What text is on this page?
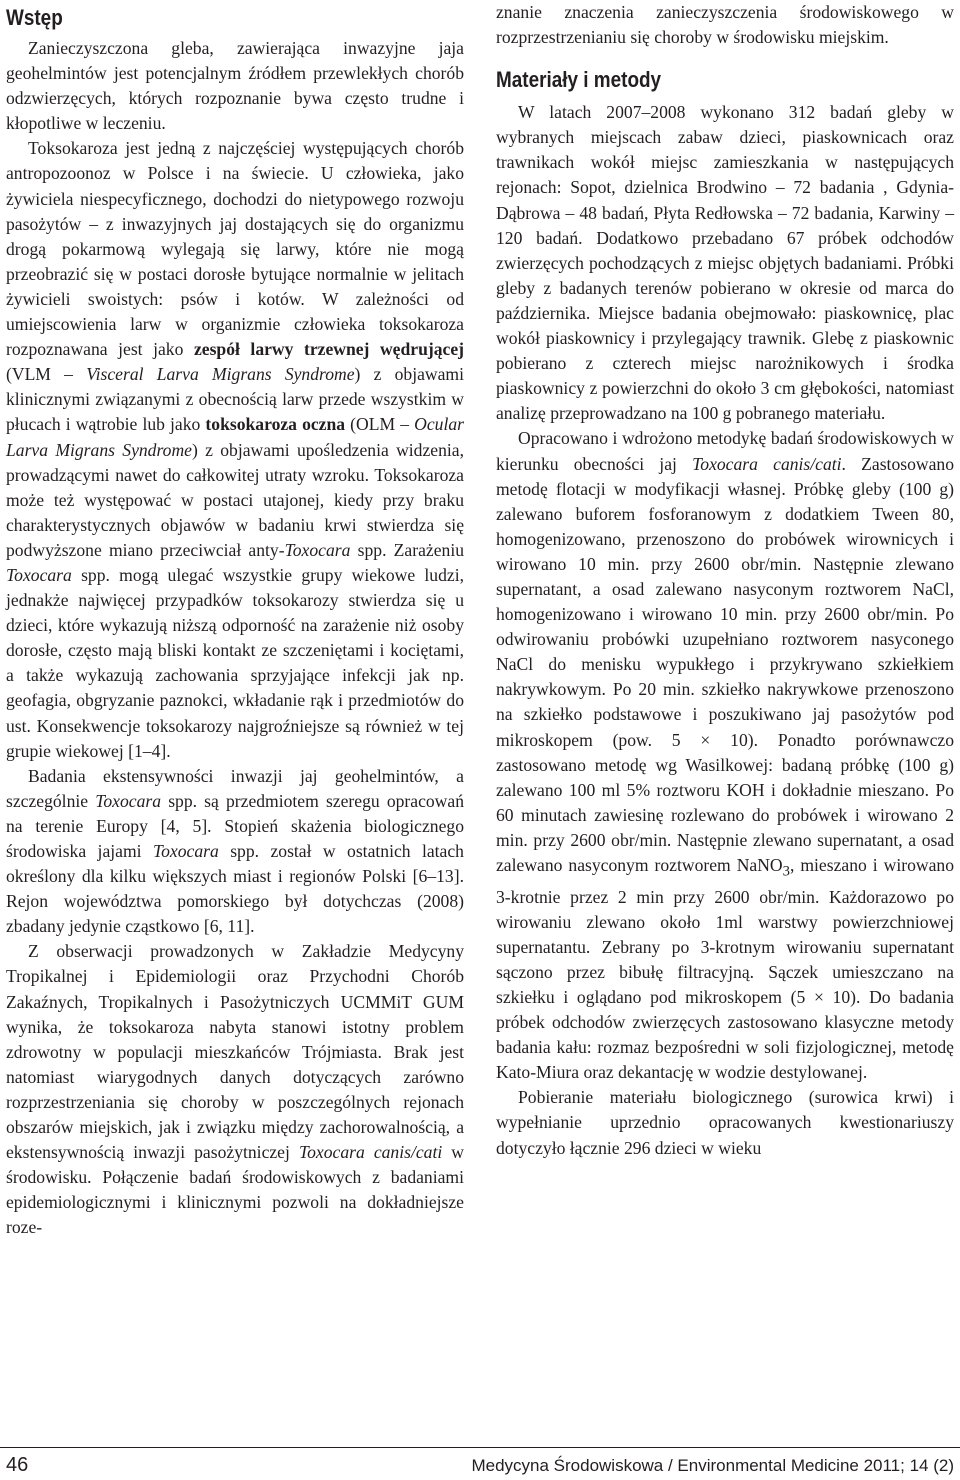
Wstęp

Zanieczyszczona gleba, zawierająca inwazyjne jaja geohelmintów jest potencjalnym źródłem przewlekłych chorób odzwierzęcych, których rozpoznanie bywa często trudne i kłopotliwe w leczeniu.

Toksokaroza jest jedną z najczęściej występujących chorób antropozoonoz w Polsce i na świecie. U człowieka, jako żywiciela niespecyficznego, dochodzi do nietypowego rozwoju pasożytów – z inwazyjnych jaj dostających się do organizmu drogą pokarmową wylegają się larwy, które nie mogą przeobrazić się w postaci dorosłe bytujące normalnie w jelitach żywicieli swoistych: psów i kotów. W zależności od umiejscowienia larw w organizmie człowieka toksokaroza rozpoznawana jest jako zespół larwy trzewnej wędrującej (VLM – Visceral Larva Migrans Syndrome) z objawami klinicznymi związanymi z obecnością larw przede wszystkim w płucach i wątrobie lub jako toksokaroza oczna (OLM – Ocular Larva Migrans Syndrome) z objawami upośledzenia widzenia, prowadzącymi nawet do całkowitej utraty wzroku. Toksokaroza może też występować w postaci utajonej, kiedy przy braku charakterystycznych objawów w badaniu krwi stwierdza się podwyższone miano przeciwciał anty-Toxocara spp. Zarażeniu Toxocara spp. mogą ulegać wszystkie grupy wiekowe ludzi, jednakże najwięcej przypadków toksokarozy stwierdza się u dzieci, które wykazują niższą odporność na zarażenie niż osoby dorosłe, często mają bliski kontakt ze szczeniętami i kociętami, a także wykazują zachowania sprzyjające infekcji jak np. geofagia, obgryzanie paznokci, wkładanie rąk i przedmiotów do ust. Konsekwencje toksokarozy najgroźniejsze są również w tej grupie wiekowej [1–4].

Badania ekstensywności inwazji jaj geohelmintów, a szczególnie Toxocara spp. są przedmiotem szeregu opracowań na terenie Europy [4, 5]. Stopień skażenia biologicznego środowiska jajami Toxocara spp. został w ostatnich latach określony dla kilku większych miast i regionów Polski [6–13]. Rejon województwa pomorskiego był dotychczas (2008) zbadany jedynie cząstkowo [6, 11].

Z obserwacji prowadzonych w Zakładzie Medycyny Tropikalnej i Epidemiologii oraz Przychodni Chorób Zakaźnych, Tropikalnych i Pasożytniczych UCMMiT GUM wynika, że toksokaroza nabyta stanowi istotny problem zdrowotny w populacji mieszkańców Trójmiasta. Brak jest natomiast wiarygodnych danych dotyczących zarówno rozprzestrzeniania się choroby w poszczególnych rejonach obszarów miejskich, jak i związku między zachorowalnością, a ekstensywnością inwazji pasożytniczej Toxocara canis/cati w środowisku. Połączenie badań środowiskowych z badaniami epidemiologicznymi i klinicznymi pozwoli na dokładniejsze roze-

znanie znaczenia zanieczyszczenia środowiskowego w rozprzestrzenianiu się choroby w środowisku miejskim.

Materiały i metody

W latach 2007–2008 wykonano 312 badań gleby w wybranych miejscach zabaw dzieci, piaskownicach oraz trawnikach wokół miejsc zamieszkania w następujących rejonach: Sopot, dzielnica Brodwino – 72 badania , Gdynia-Dąbrowa – 48 badań, Płyta Redłowska – 72 badania, Karwiny – 120 badań. Dodatkowo przebadano 67 próbek odchodów zwierzęcych pochodzących z miejsc objętych badaniami. Próbki gleby z badanych terenów pobierano w okresie od marca do października. Miejsce badania obejmowało: piaskownicę, plac wokół piaskownicy i przylegający trawnik. Glebę z piaskownic pobierano z czterech miejsc narożnikowych i środka piaskownicy z powierzchni do około 3 cm głębokości, natomiast analizę przeprowadzano na 100 g pobranego materiału.

Opracowano i wdrożono metodykę badań środowiskowych w kierunku obecności jaj Toxocara canis/cati. Zastosowano metodę flotacji w modyfikacji własnej. Próbkę gleby (100 g) zalewano buforem fosforanowym z dodatkiem Tween 80, homogenizowano, przenoszono do probówek wirownicych i wirowano 10 min. przy 2600 obr/min. Następnie zlewano supernatant, a osad zalewano nasyconym roztworem NaCl, homogenizowano i wirowano 10 min. przy 2600 obr/min. Po odwirowaniu probówki uzupełniano roztworem nasyconego NaCl do menisku wypukłego i przykrywano szkiełkiem nakrywkowym. Po 20 min. szkiełko nakrywkowe przenoszono na szkiełko podstawowe i poszukiwano jaj pasożytów pod mikroskopem (pow. 5 × 10). Ponadto porównawczo zastosowano metodę wg Wasilkowej: badaną próbkę (100 g) zalewano 100 ml 5% roztworu KOH i dokładnie mieszano. Po 60 minutach zawiesinę rozlewano do probówek i wirowano 2 min. przy 2600 obr/min. Następnie zlewano supernatant, a osad zalewano nasyconym roztworem NaNO$_3$, mieszano i wirowano 3-krotnie przez 2 min przy 2600 obr/min. Każdorazowo po wirowaniu zlewano około 1ml warstwy powierzchniowej supernatantu. Zebrany po 3-krotnym wirowaniu supernatant sączono przez bibułę filtracyjną. Sączek umieszczano na szkiełku i oglądano pod mikroskopem (5 × 10). Do badania próbek odchodów zwierzęcych zastosowano klasyczne metody badania kału: rozmaz bezpośredni w soli fizjologicznej, metodę Kato-Miura oraz dekantację w wodzie destylowanej.

Pobieranie materiału biologicznego (surowica krwi) i wypełnianie uprzednio opracowanych kwestionariuszy dotyczyło łącznie 296 dzieci w wieku

46	Medycyna Środowiskowa / Environmental Medicine 2011; 14 (2)
